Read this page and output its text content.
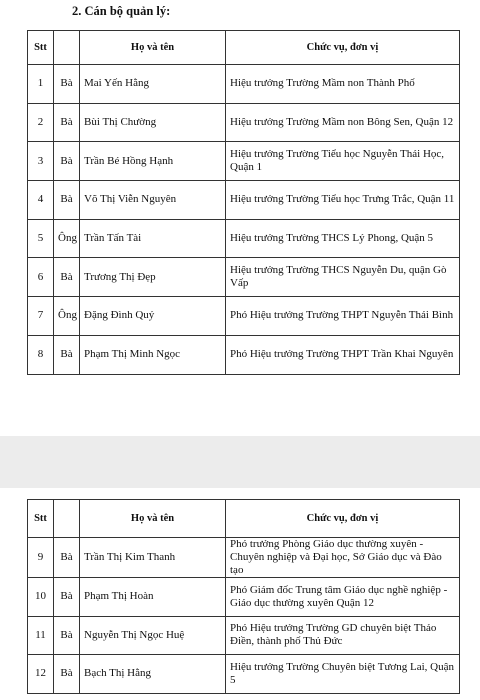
2. Cán bộ quản lý:
Stt		Họ và tên	Chức vụ, đơn vị
1	Bà	Mai Yến Hằng	Hiệu trưởng Trường Mầm non Thành Phố
2	Bà	Bùi Thị Chường	Hiệu trưởng Trường Mầm non Bông Sen, Quận 12
3	Bà	Trần Bé Hồng Hạnh	Hiệu trưởng Trường Tiểu học Nguyễn Thái Học, Quận 1
4	Bà	Võ Thị Viễn Nguyên	Hiệu trưởng Trường Tiểu học Trưng Trắc, Quận 11
5	Ông	Trần Tấn Tài	Hiệu trưởng Trường THCS Lý Phong, Quận 5
6	Bà	Trương Thị Đẹp	Hiệu trưởng Trường THCS Nguyễn Du, quận Gò Vấp
7	Ông	Đặng Đình Quý	Phó Hiệu trưởng Trường THPT Nguyễn Thái Bình
8	Bà	Phạm Thị Minh Ngọc	Phó Hiệu trưởng Trường THPT Trần Khai Nguyên
Stt		Họ và tên	Chức vụ, đơn vị
9	Bà	Trần Thị Kim Thanh	Phó trưởng Phòng Giáo dục thường xuyên - Chuyên nghiệp và Đại học, Sở Giáo dục và Đào tạo
10	Bà	Phạm Thị Hoàn	Phó Giám đốc Trung tâm Giáo dục nghề nghiệp - Giáo dục thường xuyên Quận 12
11	Bà	Nguyễn Thị Ngọc Huệ	Phó Hiệu trưởng Trường GD chuyên biệt Thảo Điền, thành phố Thủ Đức
12	Bà	Bạch Thị Hằng	Hiệu trưởng Trường Chuyên biệt Tương Lai, Quận 5
